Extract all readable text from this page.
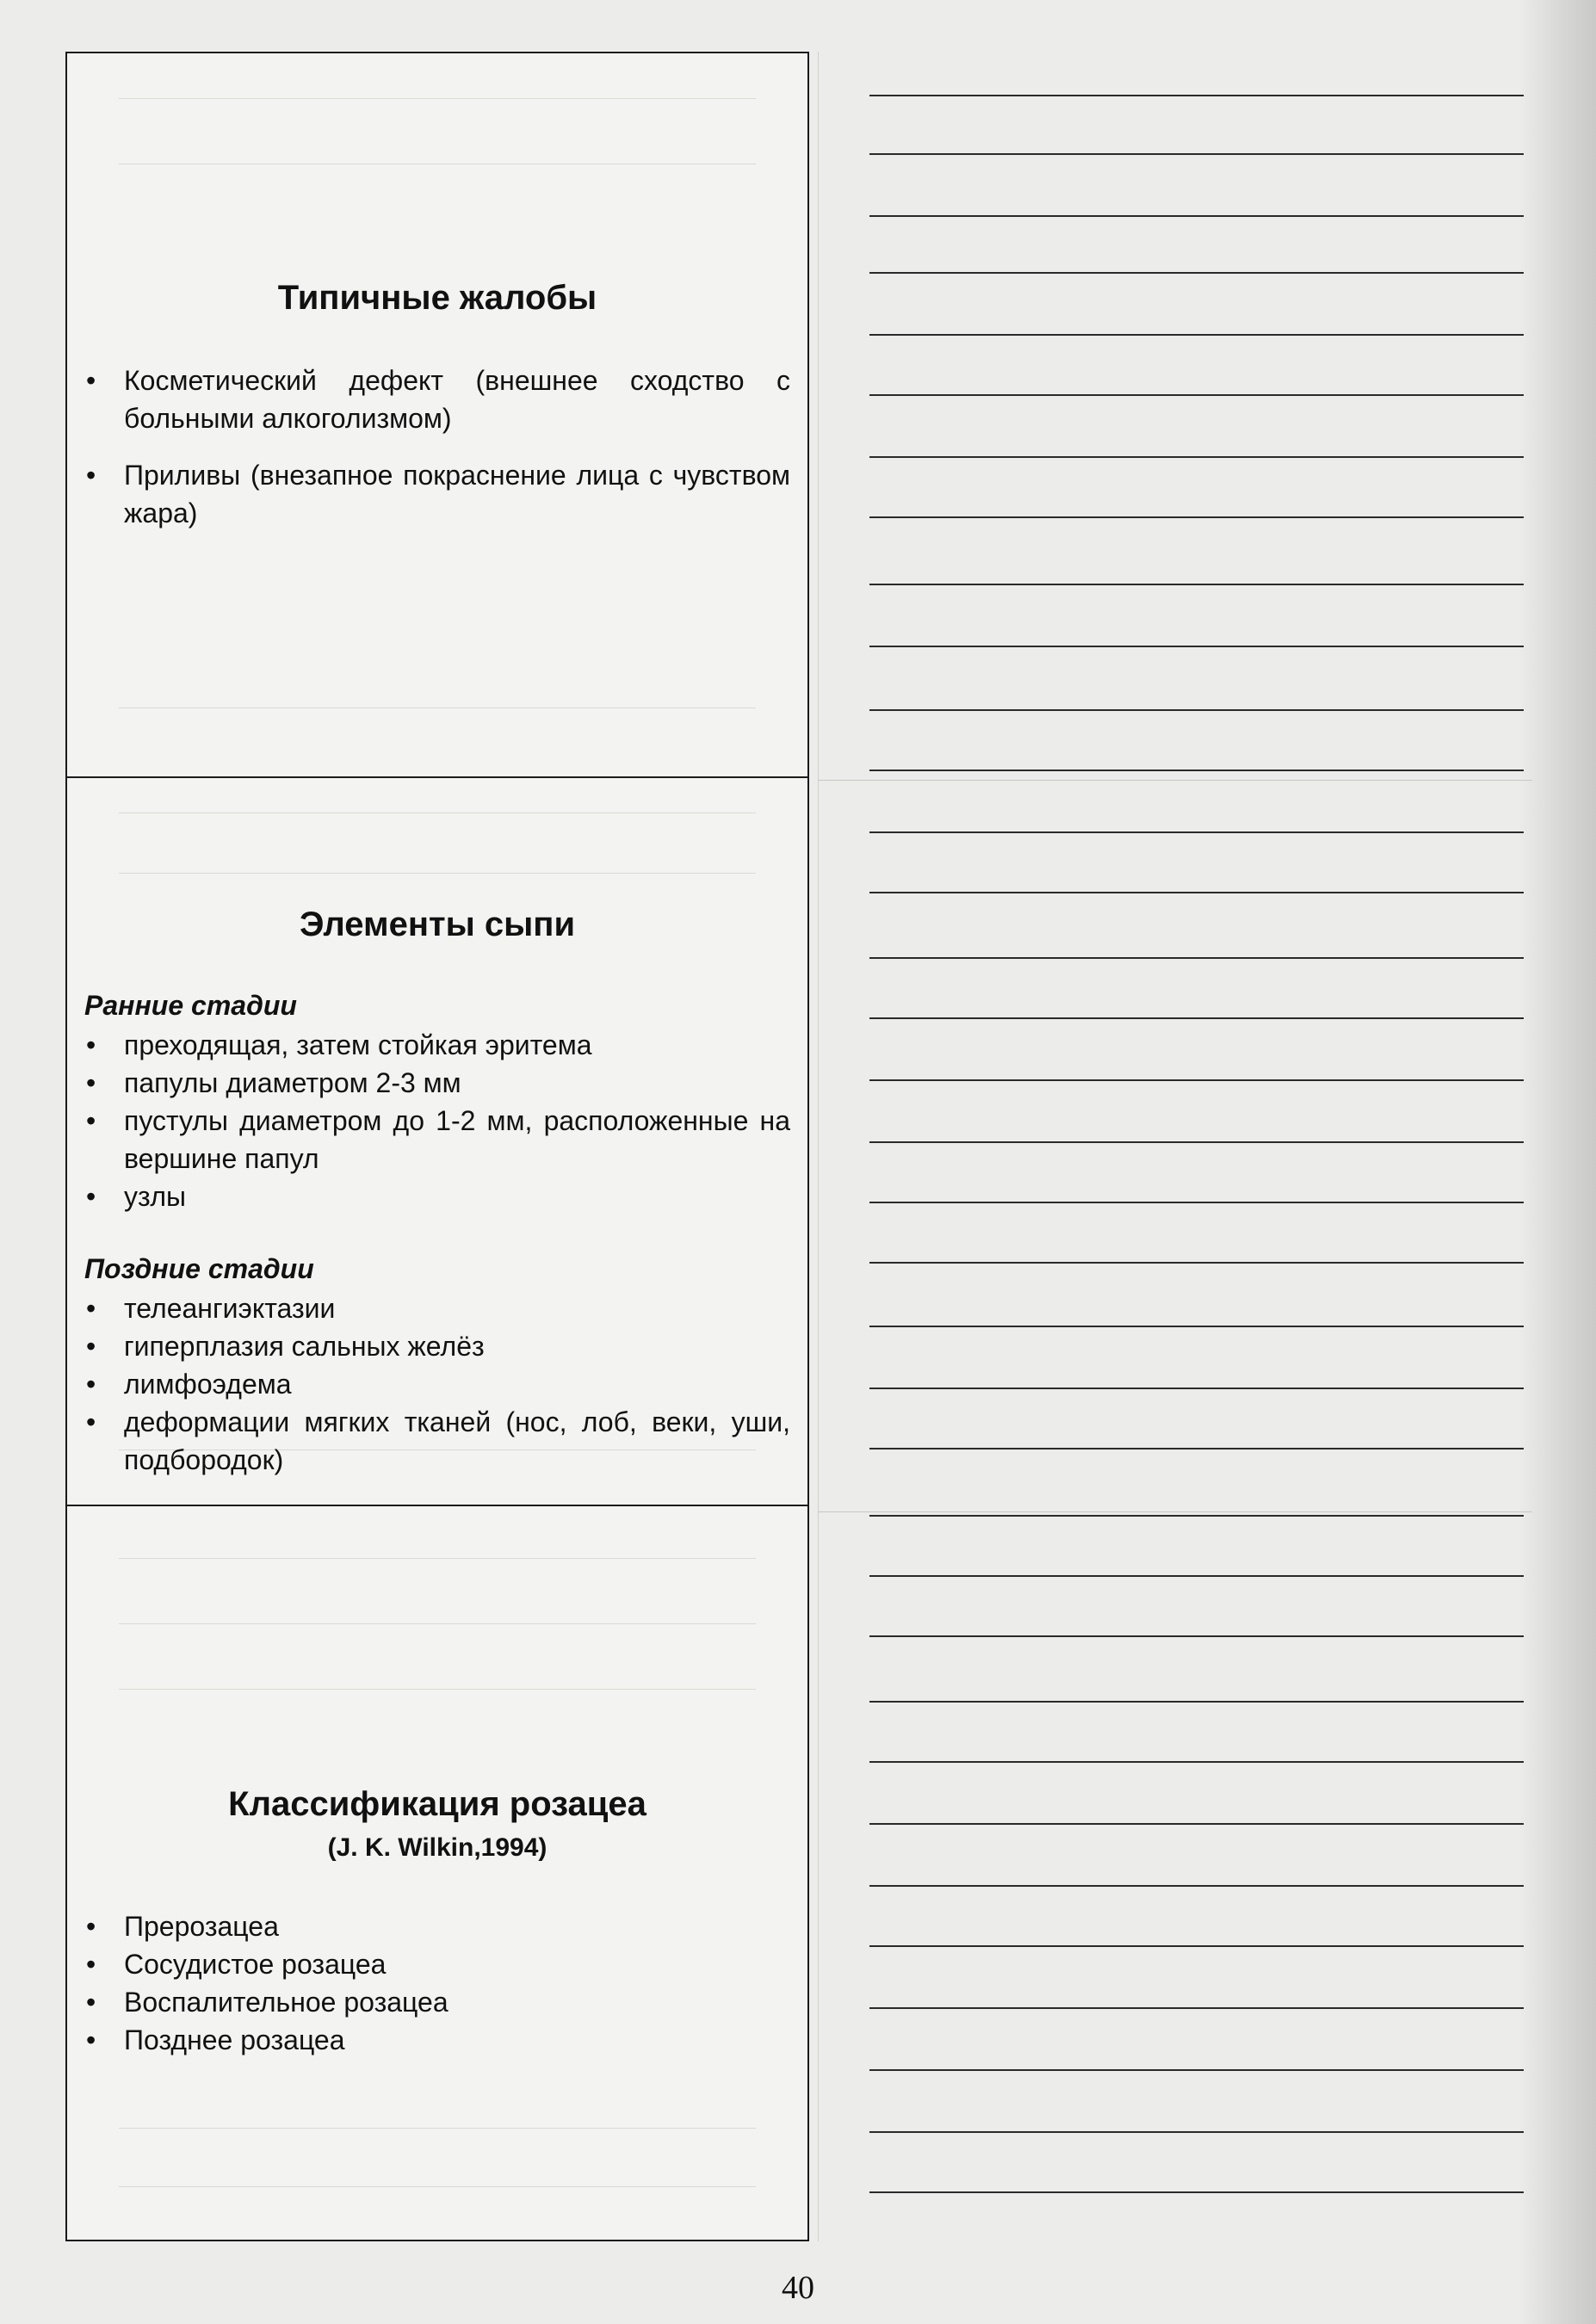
Типичные жалобы
• Косметический дефект (внешнее сходство с больными алкоголизмом)
• Приливы (внезапное покраснение лица с чувством жара)
Элементы сыпи
Ранние стадии
• преходящая, затем стойкая эритема
• папулы диаметром 2-3 мм
• пустулы диаметром до 1-2 мм, расположенные на вершине папул
• узлы
Поздние стадии
• телеангиэктазии
• гиперплазия сальных желёз
• лимфоэдема
• деформации мягких тканей (нос, лоб, веки, уши, подбородок)
Классификация розацеа
(J. K. Wilkin,1994)
• Прерозацеа
• Сосудистое розацеа
• Воспалительное розацеа
• Позднее розацеа
40
